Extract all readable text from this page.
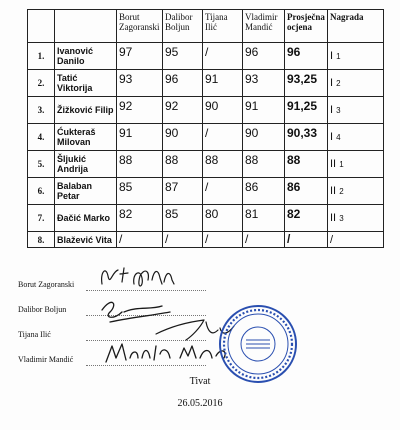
		Borut Zagoranski	Dalibor Boljun	Tijana Ilić	Vladimir Mandić	Prosječna ocjena	Nagrada
1.	Ivanović Danilo	97	95	/	96	96	I 1
2.	Tatić Viktorija	93	96	91	93	93,25	I 2
3.	Žižković Filip	92	92	90	91	91,25	I 3
4.	Ćukteraš Milovan	91	90	/	90	90,33	I 4
5.	Šljukić Andrija	88	88	88	88	88	II 1
6.	Balaban Petar	85	87	/	86	86	II 2
7.	Đačić Marko	82	85	80	81	82	II 3
8.	Blažević Vita	/	/	/	/	/	/
Borut Zagoranski
Dalibor Boljun
Tijana Ilić
Vladimir Mandić
Tivat
26.05.2016
